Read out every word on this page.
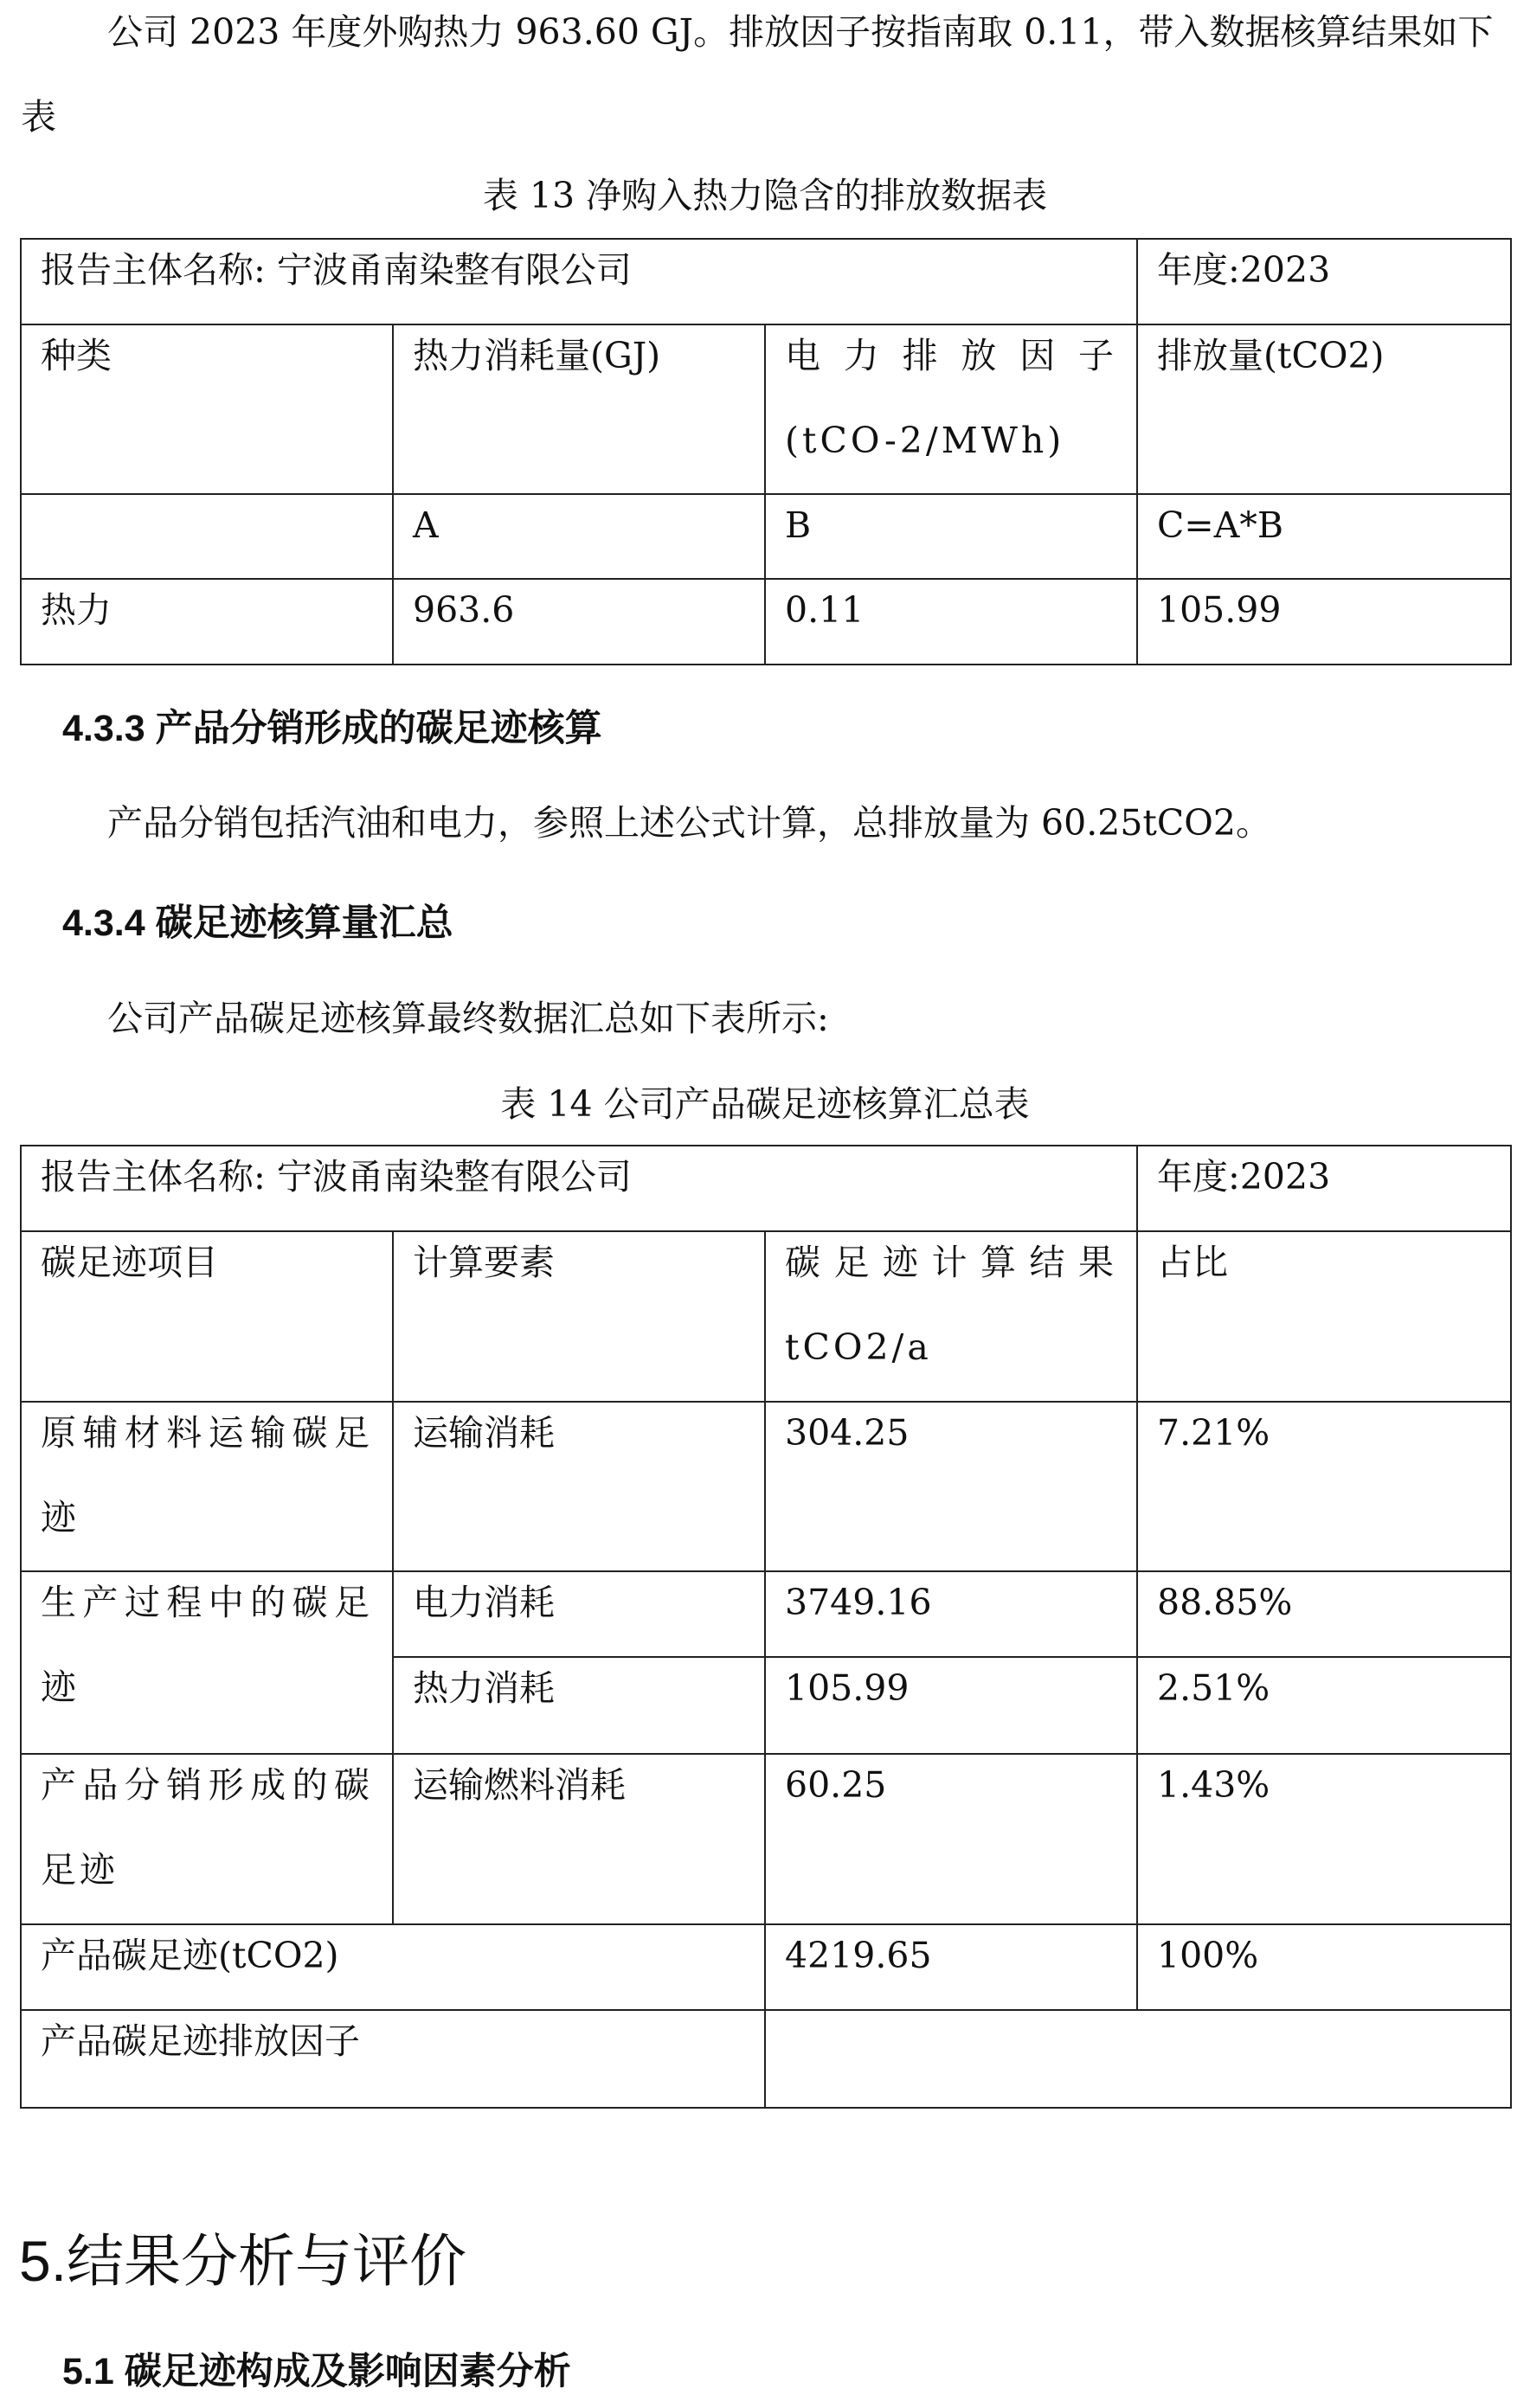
公司 2023 年度外购热力 963.60 GJ。排放因子按指南取 0.11，带入数据核算结果如下表

表 13 净购入热力隐含的排放数据表

报告主体名称: 宁波甬南染整有限公司			年度:2023

种类	热力消耗量(GJ)	电 力 排 放 因 子 (tCO-2/MWh)	排放量(tCO2)

	A	B	C=A*B

热力	963.6	0.11	105.99

4.3.3 产品分销形成的碳足迹核算

产品分销包括汽油和电力，参照上述公式计算，总排放量为 60.25tCO2。

4.3.4 碳足迹核算量汇总

公司产品碳足迹核算最终数据汇总如下表所示:

表 14 公司产品碳足迹核算汇总表

报告主体名称: 宁波甬南染整有限公司			年度:2023

碳足迹项目	计算要素	碳足迹计算结果 tCO2/a	占比

原辅材料运输碳足迹	运输消耗	304.25	7.21%

生产过程中的碳足迹	电力消耗	3749.16	88.85%

	热力消耗	105.99	2.51%

产品分销形成的碳足迹	运输燃料消耗	60.25	1.43%

产品碳足迹(tCO2)		4219.65	100%

产品碳足迹排放因子			

5.结果分析与评价

5.1 碳足迹构成及影响因素分析
